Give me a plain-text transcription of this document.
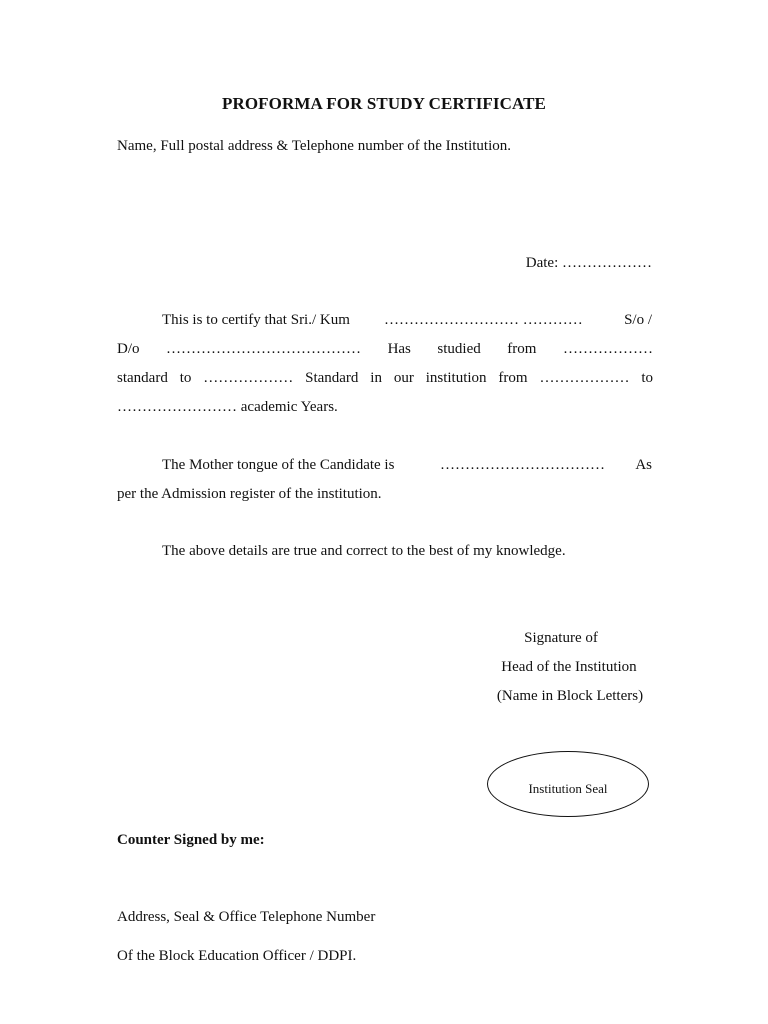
PROFORMA FOR STUDY CERTIFICATE
Name, Full postal address & Telephone number of the Institution.
Date: ………………
This is to certify that Sri./ Kum ……………………… …………	S/o /
D/o ………………………………… Has studied from ………………
standard to ……………… Standard in our institution from ……………… to
…………………… academic Years.
The Mother tongue of the Candidate is	…………………………… As
per the Admission register of the institution.
The above details are true and correct to the best of my knowledge.
Signature of
Head of the Institution
(Name in Block Letters)
Institution Seal
Counter Signed by me:
Address, Seal & Office Telephone Number
Of the Block Education Officer / DDPI.
